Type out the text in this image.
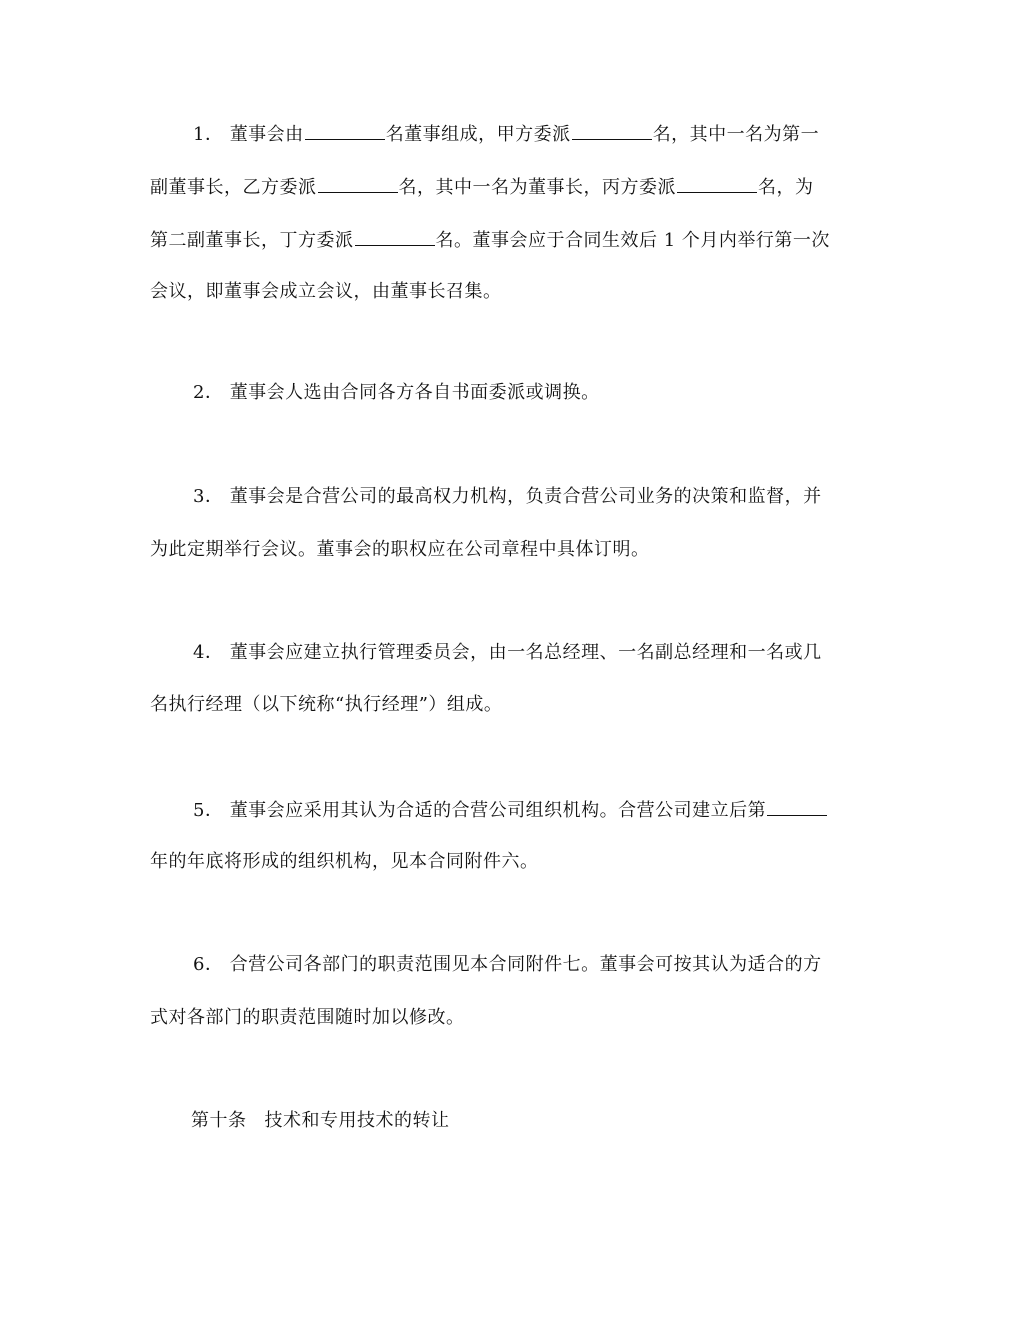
1． 董事会由	名董事组成，甲方委派	名，其中一名为第一
副董事长，乙方委派	名，其中一名为董事长，丙方委派	名，为
第二副董事长，丁方委派	名。董事会应于合同生效后 1 个月内举行第一次
会议，即董事会成立会议，由董事长召集。
2． 董事会人选由合同各方各自书面委派或调换。
3． 董事会是合营公司的最高权力机构，负责合营公司业务的决策和监督，并
为此定期举行会议。董事会的职权应在公司章程中具体订明。
4． 董事会应建立执行管理委员会，由一名总经理、一名副总经理和一名或几
名执行经理（以下统称“执行经理”）组成。
5． 董事会应采用其认为合适的合营公司组织机构。合营公司建立后第
年的年底将形成的组织机构，见本合同附件六。
6． 合营公司各部门的职责范围见本合同附件七。董事会可按其认为适合的方
式对各部门的职责范围随时加以修改。
第十条 技术和专用技术的转让
